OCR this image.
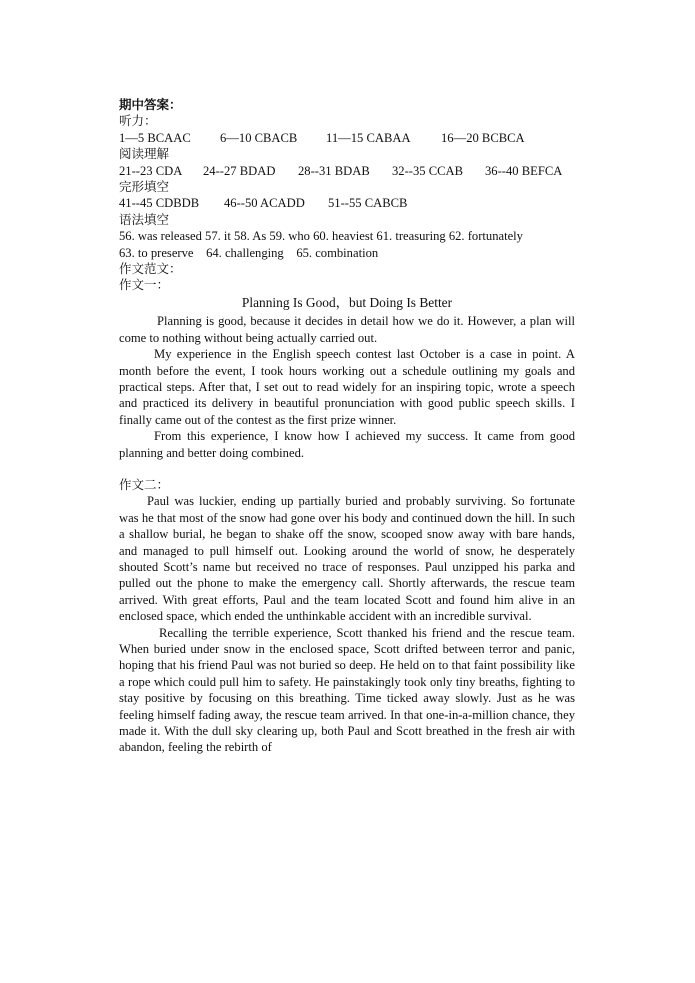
期中答案：
听力：
1—5 BCAAC 6—10 CBACB 11—15 CABAA 16—20 BCBCA
阅读理解
21--23 CDA 24--27 BDAD 28--31 BDAB 32--35 CCAB 36--40 BEFCA
完形填空
41--45 CDBDB 46--50 ACADD 51--55 CABCB
语法填空
56. was released 57. it 58. As 59. who 60. heaviest 61. treasuring 62. fortunately
63. to preserve    64. challenging    65. combination
作文范文：
作文一：
Planning Is Good，but Doing Is Better

Planning is good, because it decides in detail how we do it. However, a plan will come to nothing without being actually carried out.

My experience in the English speech contest last October is a case in point. A month before the event, I took hours working out a schedule outlining my goals and practical steps. After that, I set out to read widely for an inspiring topic, wrote a speech and practiced its delivery in beautiful pronunciation with good public speech skills. I finally came out of the contest as the first prize winner.

From this experience, I know how I achieved my success. It came from good planning and better doing combined.

作文二：

Paul was luckier, ending up partially buried and probably surviving. So fortunate was he that most of the snow had gone over his body and continued down the hill. In such a shallow burial, he began to shake off the snow, scooped snow away with bare hands, and managed to pull himself out. Looking around the world of snow, he desperately shouted Scott’s name but received no trace of responses. Paul unzipped his parka and pulled out the phone to make the emergency call. Shortly afterwards, the rescue team arrived. With great efforts, Paul and the team located Scott and found him alive in an enclosed space, which ended the unthinkable accident with an incredible survival.

Recalling the terrible experience, Scott thanked his friend and the rescue team. When buried under snow in the enclosed space, Scott drifted between terror and panic, hoping that his friend Paul was not buried so deep. He held on to that faint possibility like a rope which could pull him to safety. He painstakingly took only tiny breaths, fighting to stay positive by focusing on this breathing. Time ticked away slowly. Just as he was feeling himself fading away, the rescue team arrived. In that one-in-a-million chance, they made it. With the dull sky clearing up, both Paul and Scott breathed in the fresh air with abandon, feeling the rebirth of
